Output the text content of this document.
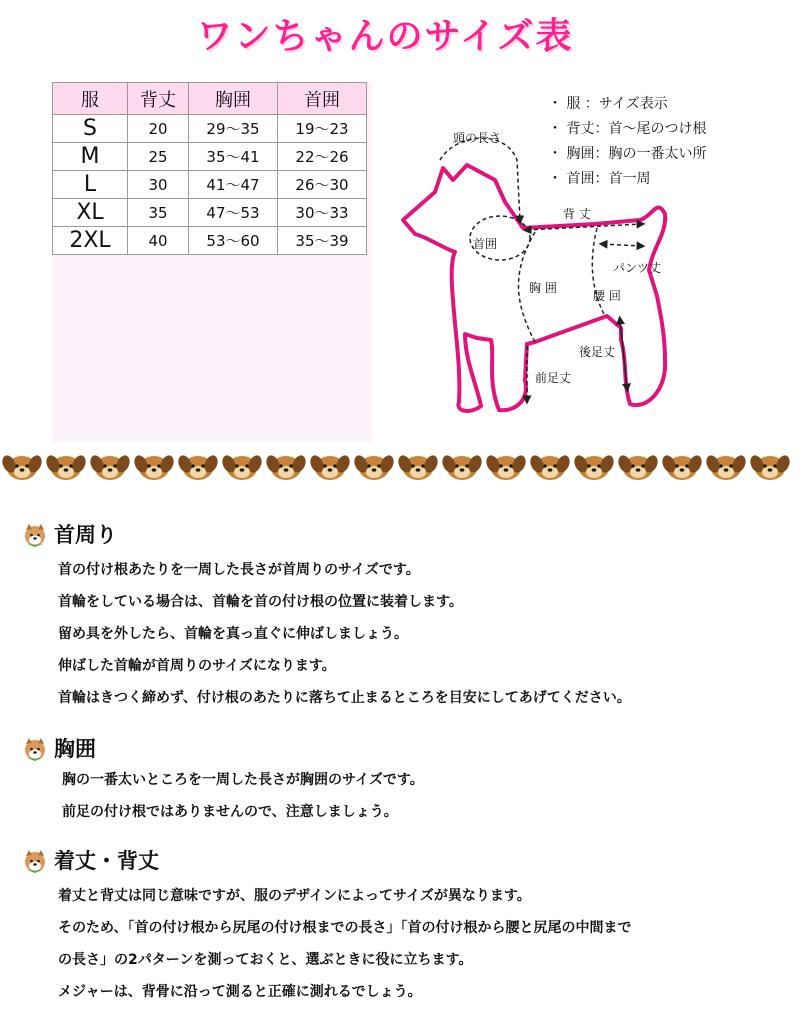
ワンちゃんのサイズ表
服	背丈	胸囲	首囲
S	20	29〜35	19〜23
M	25	35〜41	22〜26
L	30	41〜47	26〜30
XL	35	47〜53	30〜33
2XL	40	53〜60	35〜39
・ 服 ：サイズ表示
・ 背丈：首〜尾のつけ根
・ 胸囲：胸の一番太い所
・ 首囲：首一周
頭の長さ
首囲
背 丈
パンツ丈
胸 囲
腰 回
後足丈
前足丈
首周り

首の付け根あたりを一周した長さが首周りのサイズです。

首輪をしている場合は、首輪を首の付け根の位置に装着します。

留め具を外したら、首輪を真っ直ぐに伸ばしましょう。

伸ばした首輪が首周りのサイズになります。

首輪はきつく締めず、付け根のあたりに落ちて止まるところを目安にしてあげてください。

胸囲

胸の一番太いところを一周した長さが胸囲のサイズです。

前足の付け根ではありませんので、注意しましょう。

着丈・背丈

着丈と背丈は同じ意味ですが、服のデザインによってサイズが異なります。

そのため、「首の付け根から尻尾の付け根までの長さ」「首の付け根から腰と尻尾の中間まで

の長さ」の2パターンを測っておくと、選ぶときに役に立ちます。

メジャーは、背骨に沿って測ると正確に測れるでしょう。
